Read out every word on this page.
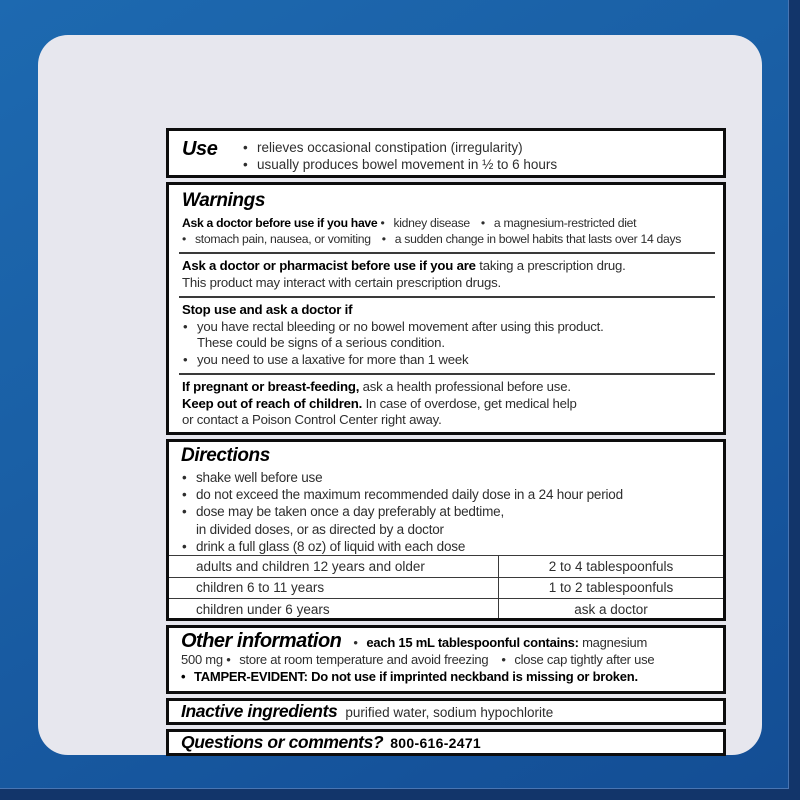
Use	• relieves occasional constipation (irregularity)
• usually produces bowel movement in ½ to 6 hours
Warnings
Ask a doctor before use if you have • kidney disease • a magnesium-restricted diet
• stomach pain, nausea, or vomiting • a sudden change in bowel habits that lasts over 14 days
Ask a doctor or pharmacist before use if you are taking a prescription drug.
This product may interact with certain prescription drugs.
Stop use and ask a doctor if
• you have rectal bleeding or no bowel movement after using this product.
These could be signs of a serious condition.
• you need to use a laxative for more than 1 week
If pregnant or breast-feeding, ask a health professional before use.
Keep out of reach of children. In case of overdose, get medical help
or contact a Poison Control Center right away.
Directions
• shake well before use
• do not exceed the maximum recommended daily dose in a 24 hour period
• dose may be taken once a day preferably at bedtime,
in divided doses, or as directed by a doctor
• drink a full glass (8 oz) of liquid with each dose
adults and children 12 years and older	2 to 4 tablespoonfuls
children 6 to 11 years	1 to 2 tablespoonfuls
children under 6 years	ask a doctor
Other information • each 15 mL tablespoonful contains: magnesium
500 mg • store at room temperature and avoid freezing • close cap tightly after use
• TAMPER-EVIDENT: Do not use if imprinted neckband is missing or broken.
Inactive ingredients purified water, sodium hypochlorite
Questions or comments? 800-616-2471
